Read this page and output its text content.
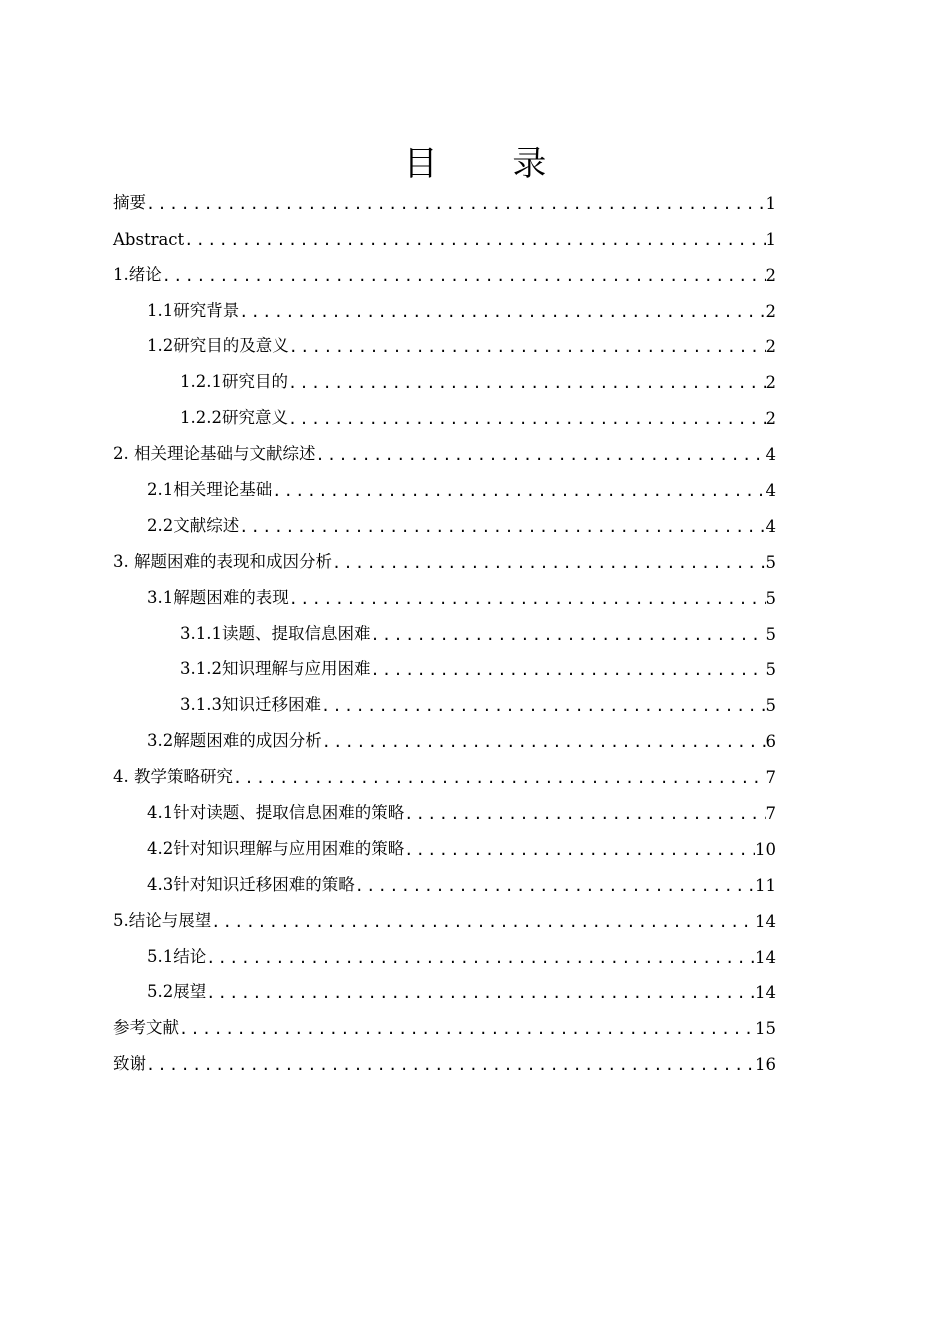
目 录
摘要 .....	1
Abstract .....	1
1.绪论 .....	2
1.1研究背景 .....	2
1.2研究目的及意义 .....	2
1.2.1研究目的 .....	2
1.2.2研究意义 .....	2
2. 相关理论基础与文献综述 .....	4
2.1相关理论基础 .....	4
2.2文献综述 .....	4
3. 解题困难的表现和成因分析 .....	5
3.1解题困难的表现 .....	5
3.1.1读题、提取信息困难 .....	5
3.1.2知识理解与应用困难 .....	5
3.1.3知识迁移困难 .....	5
3.2解题困难的成因分析 .....	6
4. 教学策略研究 .....	7
4.1针对读题、提取信息困难的策略 .....	7
4.2针对知识理解与应用困难的策略 .....	10
4.3针对知识迁移困难的策略 .....	11
5.结论与展望 .....	14
5.1结论 .....	14
5.2展望 .....	14
参考文献 .....	15
致谢 .....	16
